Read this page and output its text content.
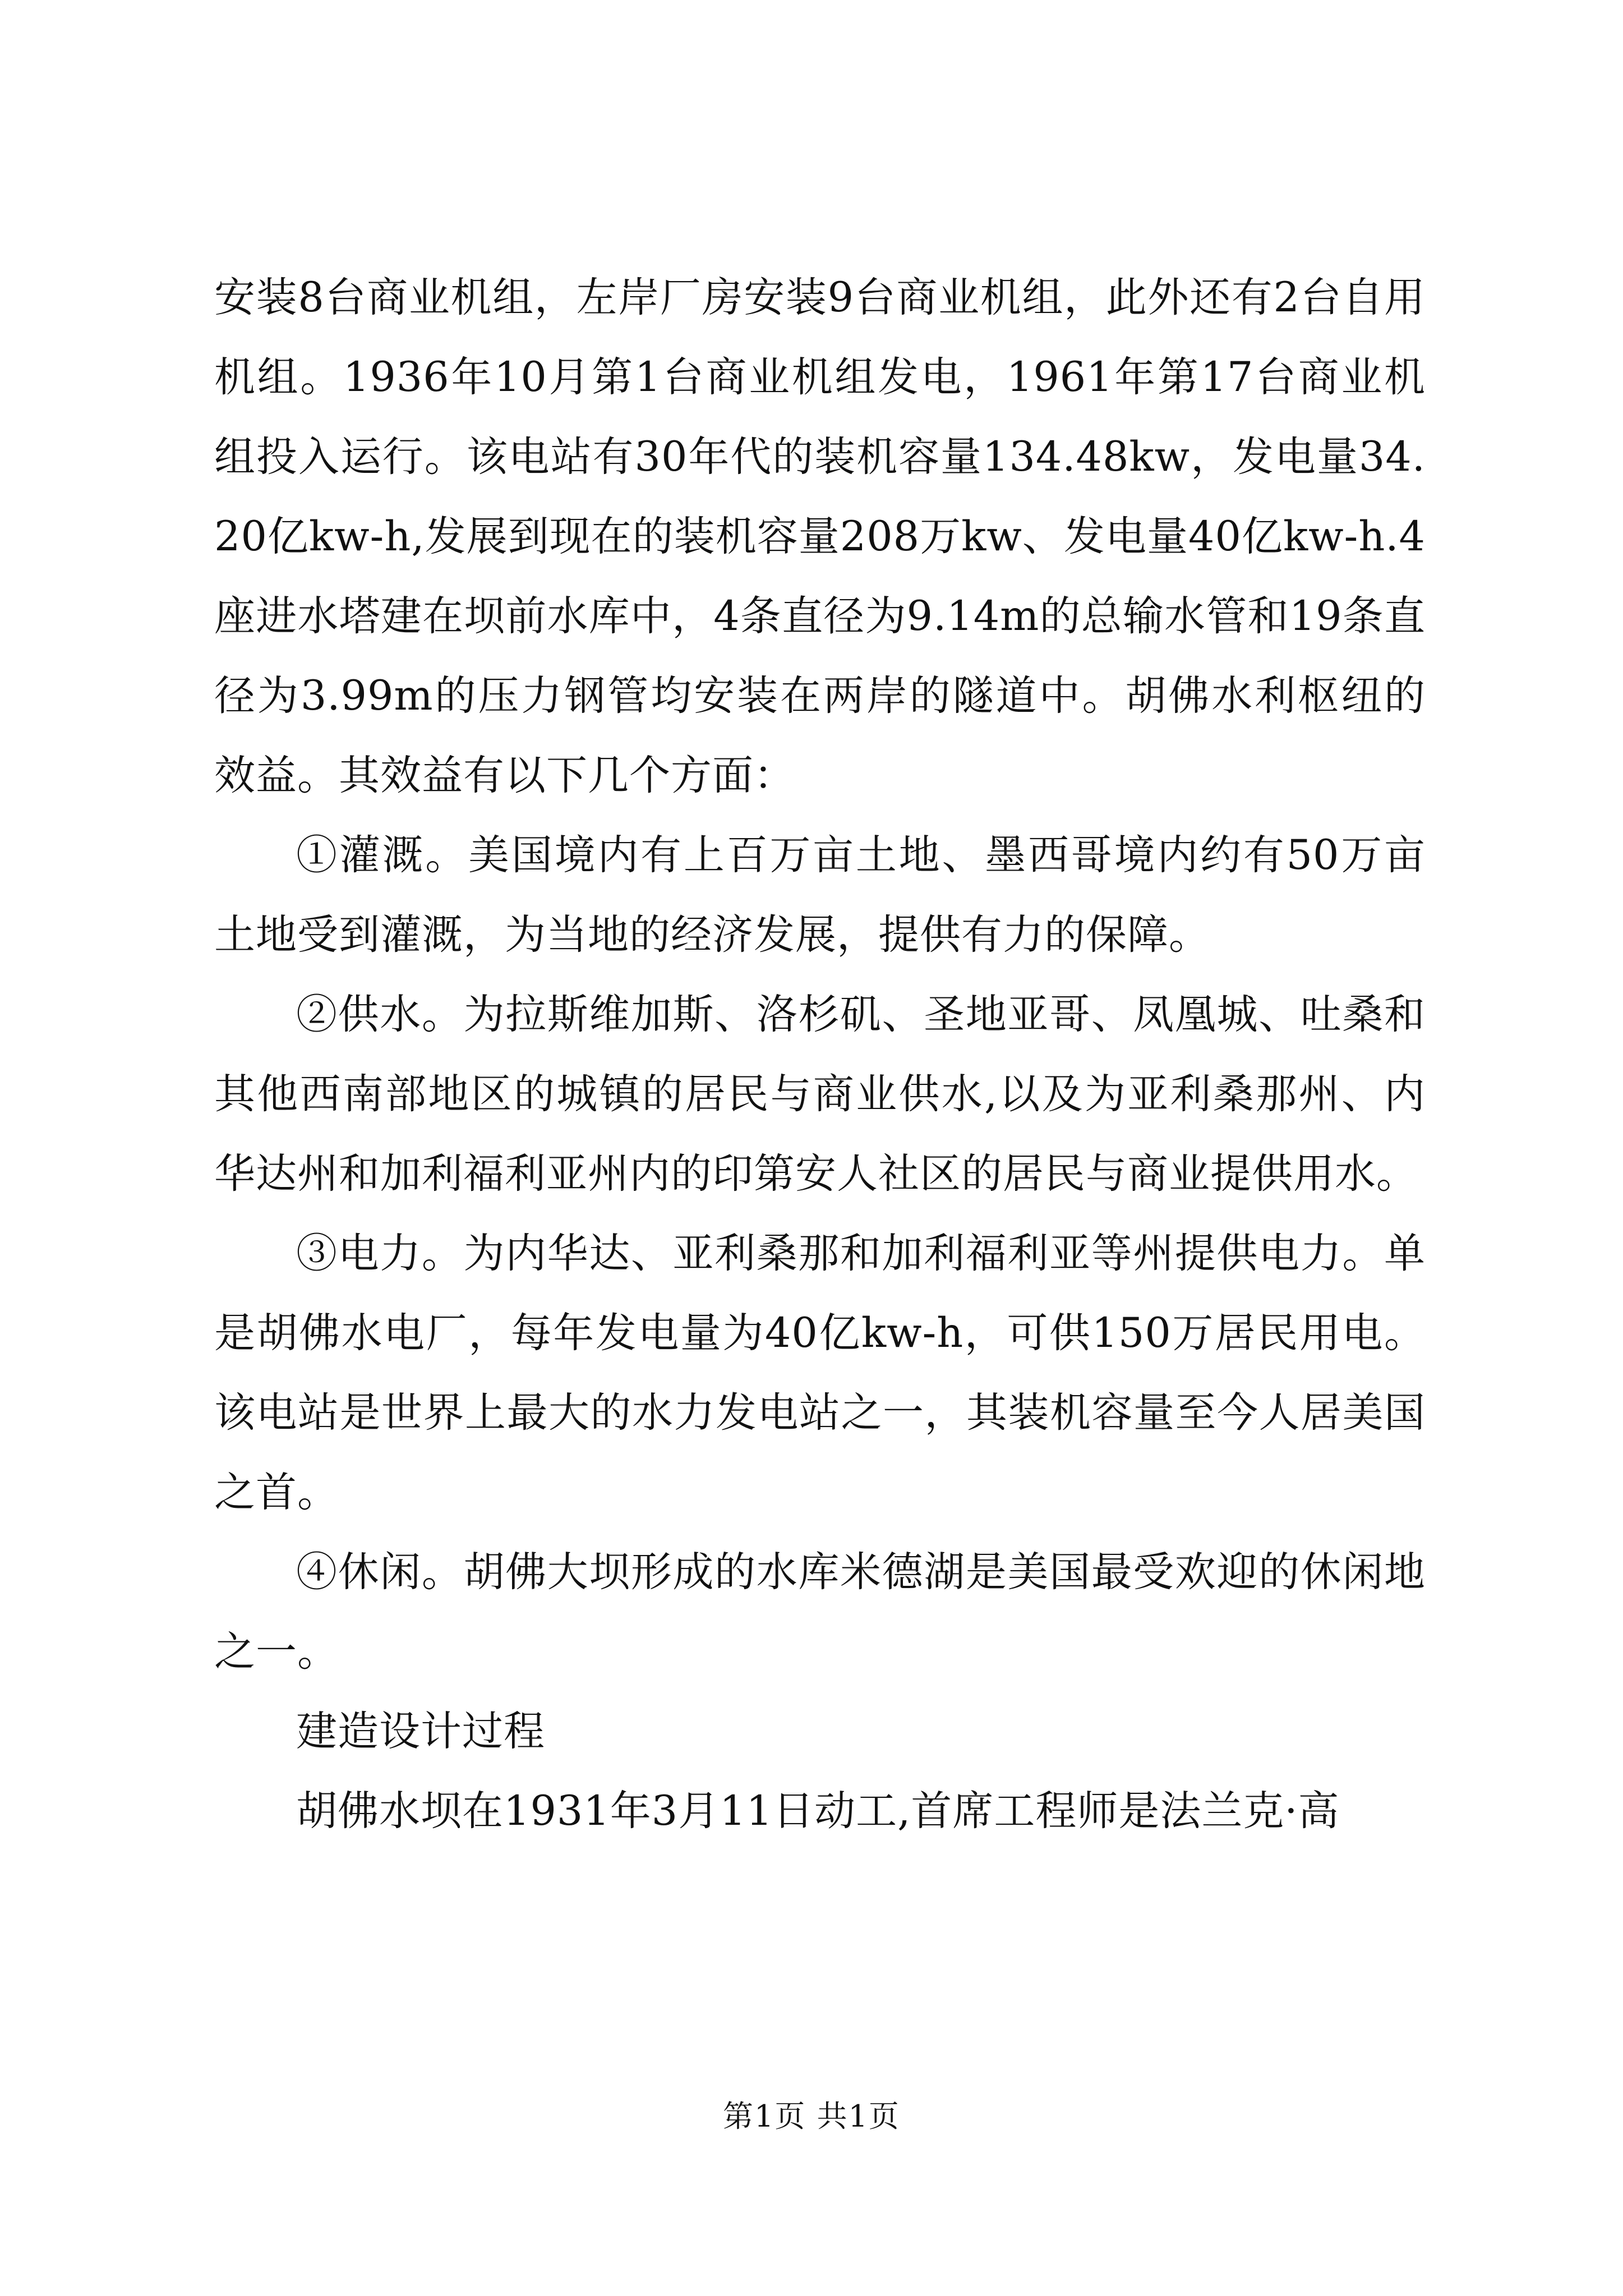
安装8台商业机组，左岸厂房安装9台商业机组，此外还有2台自用机组。1936年10月第1台商业机组发电，1961年第17台商业机组投入运行。该电站有30年代的装机容量134.48kw，发电量34.20亿kw-h,发展到现在的装机容量208万kw、发电量40亿kw-h.4座进水塔建在坝前水库中，4条直径为9.14m的总输水管和19条直径为3.99m的压力钢管均安装在两岸的隧道中。胡佛水利枢纽的效益。其效益有以下几个方面：

①灌溉。美国境内有上百万亩土地、墨西哥境内约有50万亩土地受到灌溉，为当地的经济发展，提供有力的保障。

②供水。为拉斯维加斯、洛杉矶、圣地亚哥、凤凰城、吐桑和其他西南部地区的城镇的居民与商业供水,以及为亚利桑那州、内华达州和加利福利亚州内的印第安人社区的居民与商业提供用水。

③电力。为内华达、亚利桑那和加利福利亚等州提供电力。单是胡佛水电厂，每年发电量为40亿kw-h，可供150万居民用电。该电站是世界上最大的水力发电站之一，其装机容量至今人居美国之首。

④休闲。胡佛大坝形成的水库米德湖是美国最受欢迎的休闲地之一。

建造设计过程

胡佛水坝在1931年3月11日动工,首席工程师是法兰克·高

第1页 共1页
